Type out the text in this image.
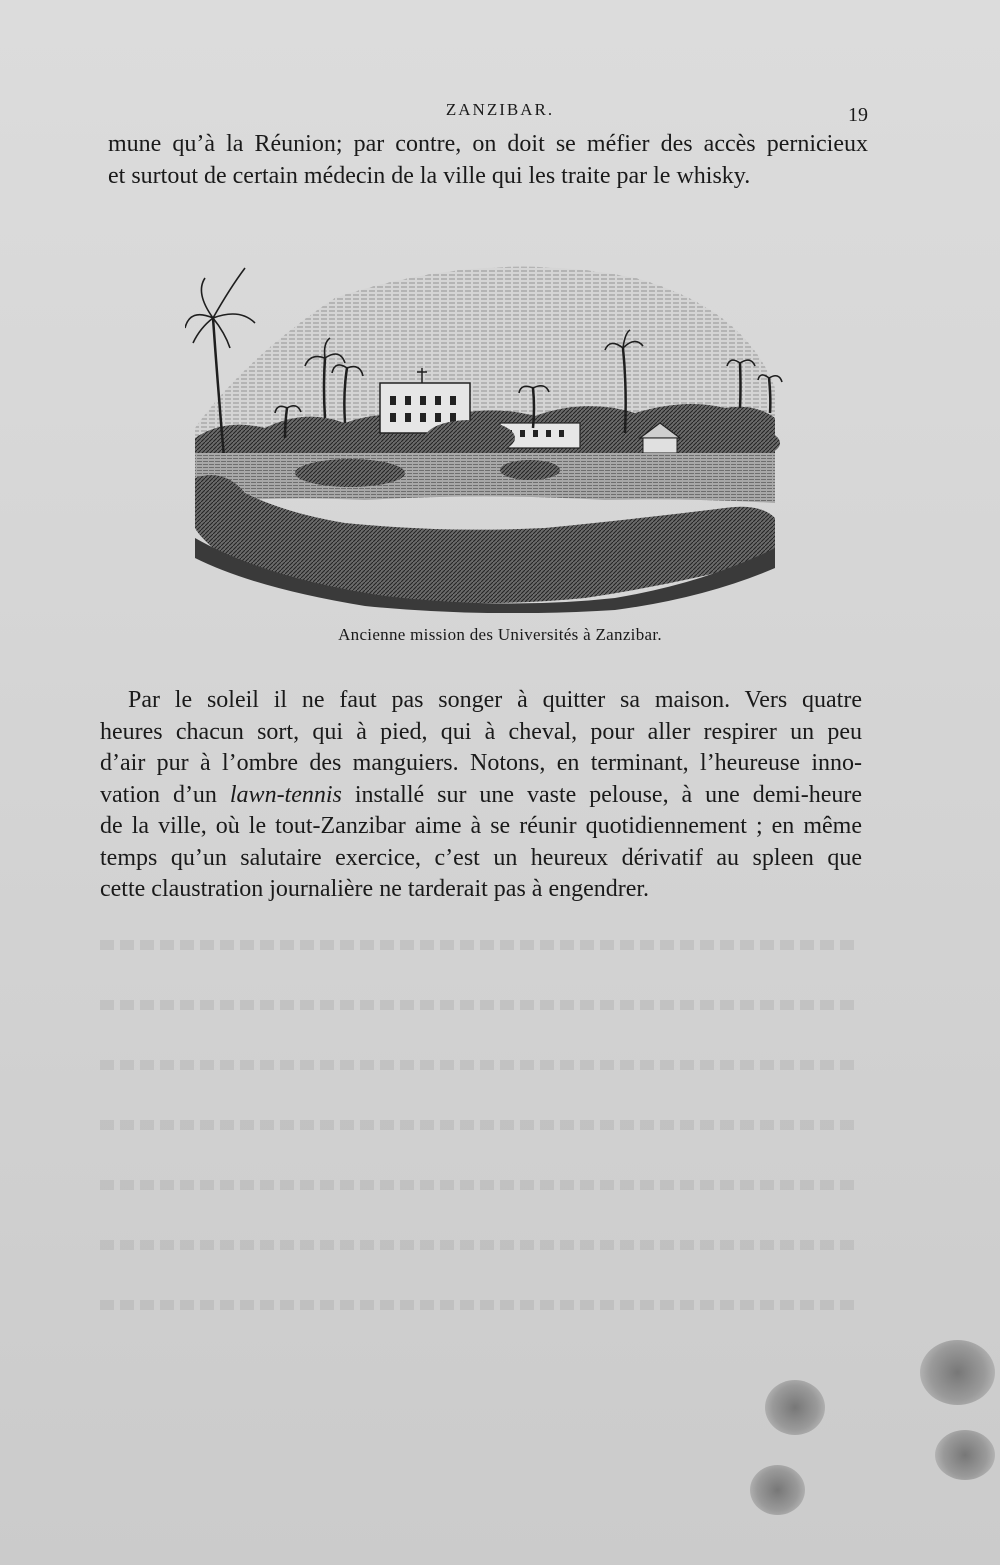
ZANZIBAR.	19

mune qu’à la Réunion; par contre, on doit se méfier des accès pernicieux

et surtout de certain médecin de la ville qui les traite par le whisky.

Ancienne mission des Universités à Zanzibar.
Par le soleil il ne faut pas songer à quitter sa maison. Vers quatre
heures chacun sort, qui à pied, qui à cheval, pour aller respirer un peu
d’air pur à l’ombre des manguiers. Notons, en terminant, l’heureuse inno-
vation d’un lawn-tennis installé sur une vaste pelouse, à une demi-heure
de la ville, où le tout-Zanzibar aime à se réunir quotidiennement ; en même
temps qu’un salutaire exercice, c’est un heureux dérivatif au spleen que
cette claustration journalière ne tarderait pas à engendrer.
